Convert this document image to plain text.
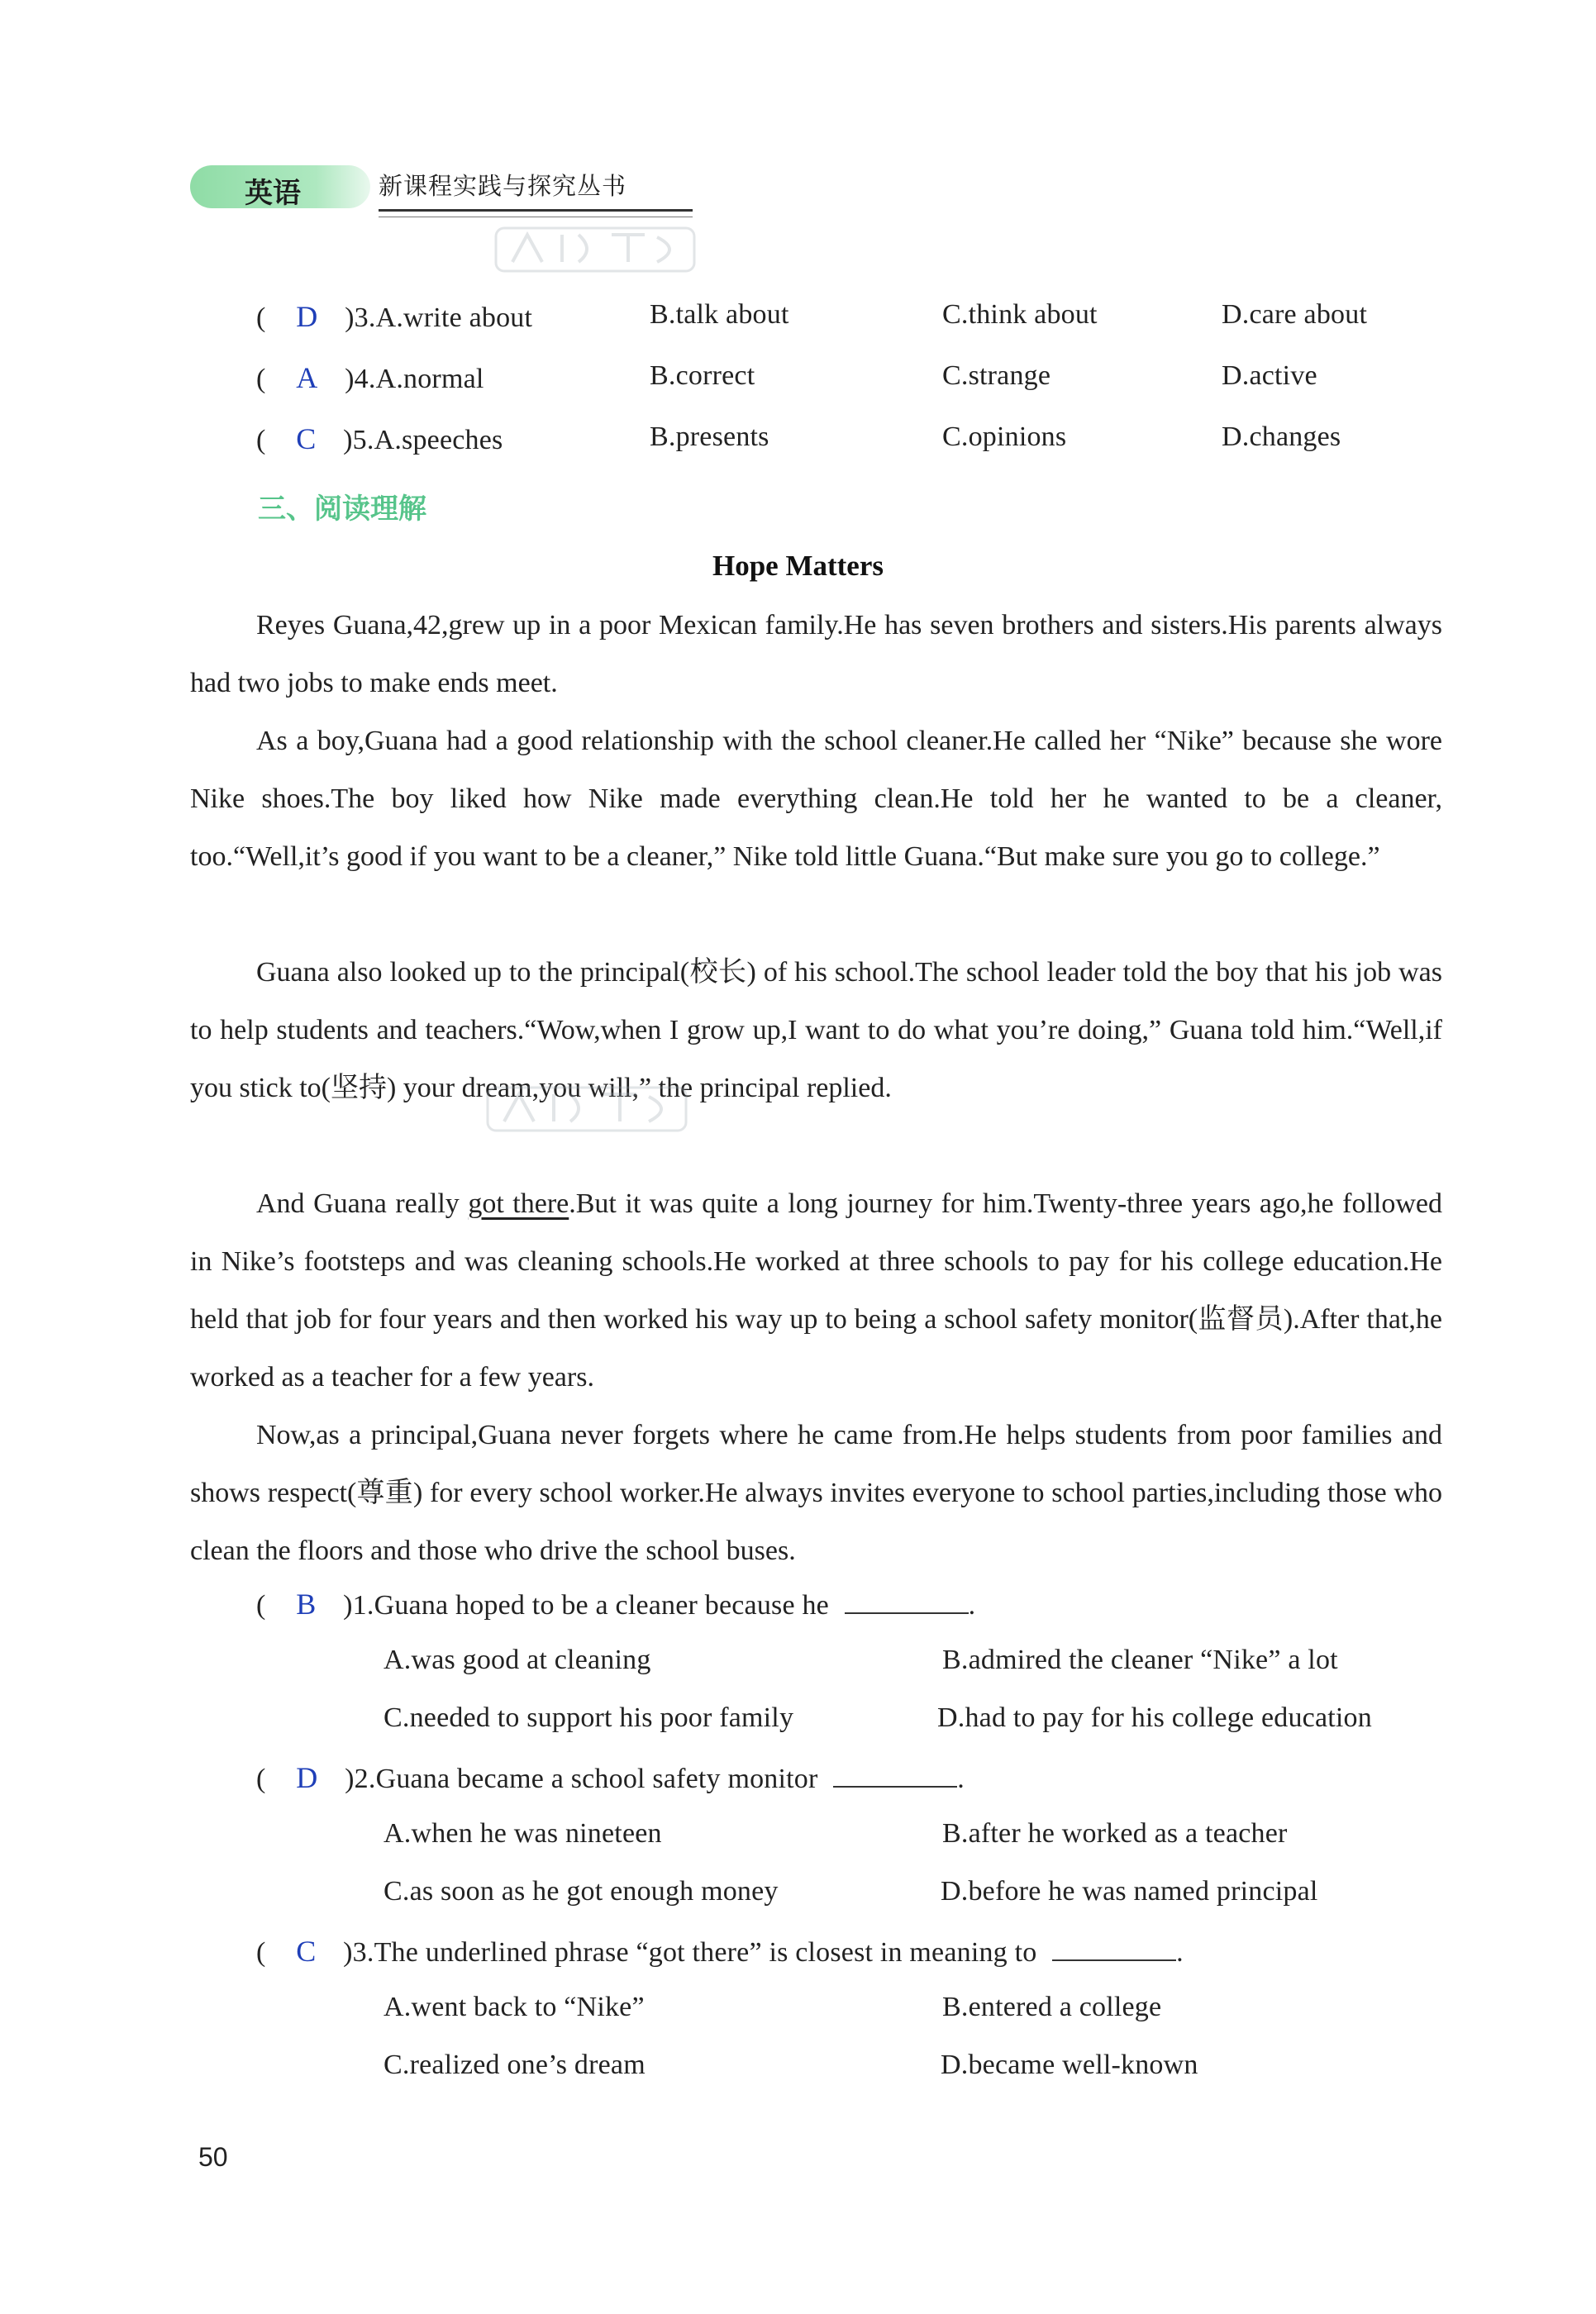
英语	新课程实践与探究丛书
( D )3.A.write about	B.talk about	C.think about	D.care about
( A )4.A.normal	B.correct	C.strange	D.active
( C )5.A.speeches	B.presents	C.opinions	D.changes
三、阅读理解
Hope Matters
Reyes Guana,42,grew up in a poor Mexican family.He has seven brothers and sisters.His parents always had two jobs to make ends meet.
As a boy,Guana had a good relationship with the school cleaner.He called her “Nike” because she wore Nike shoes.The boy liked how Nike made everything clean.He told her he wanted to be a cleaner, too.“Well,it’s good if you want to be a cleaner,” Nike told little Guana.“But make sure you go to college.”
Guana also looked up to the principal(校长) of his school.The school leader told the boy that his job was to help students and teachers.“Wow,when I grow up,I want to do what you’re doing,” Guana told him.“Well,if you stick to(坚持) your dream,you will,” the principal replied.
And Guana really got there.But it was quite a long journey for him.Twenty-three years ago,he followed in Nike’s footsteps and was cleaning schools.He worked at three schools to pay for his college education.He held that job for four years and then worked his way up to being a school safety monitor(监督员).After that,he worked as a teacher for a few years.
Now,as a principal,Guana never forgets where he came from.He helps students from poor families and shows respect(尊重) for every school worker.He always invites everyone to school parties,including those who clean the floors and those who drive the school buses.
( B )1.Guana hoped to be a cleaner because he	.
A.was good at cleaning	B.admired the cleaner “Nike” a lot
C.needed to support his poor family	D.had to pay for his college education
( D )2.Guana became a school safety monitor	.
A.when he was nineteen	B.after he worked as a teacher
C.as soon as he got enough money	D.before he was named principal
( C )3.The underlined phrase “got there” is closest in meaning to	.
A.went back to “Nike”	B.entered a college
C.realized one’s dream	D.became well-known
50
